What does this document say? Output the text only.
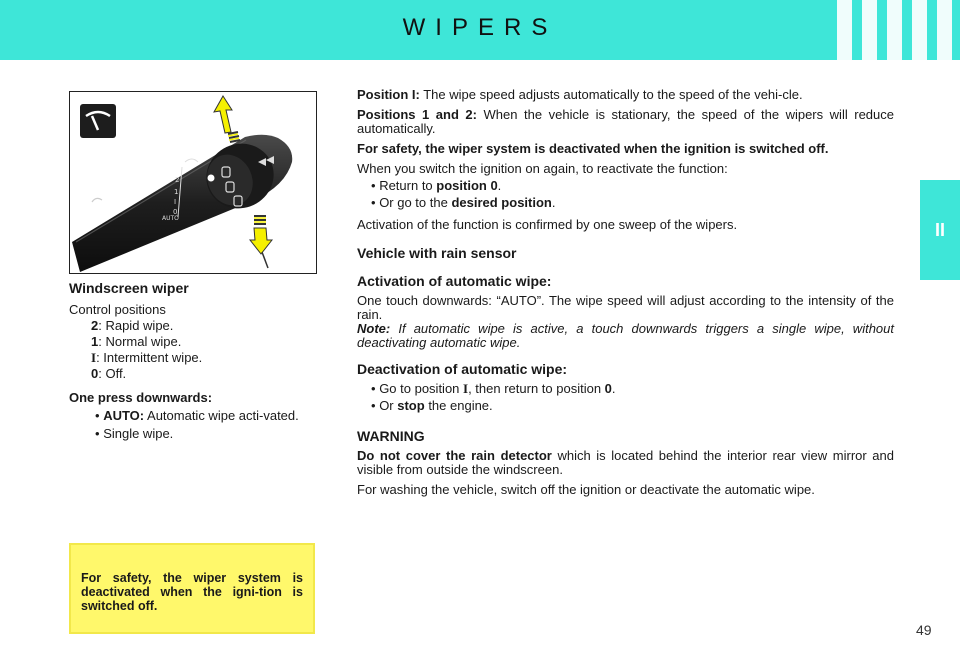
WIPERS
II
2
1
I
0
AUTO
Windscreen wiper
Control positions
2: Rapid wipe.
1: Normal wipe.
I: Intermittent wipe.
0: Off.
One press downwards:
• AUTO: Automatic wipe acti-vated.
• Single wipe.
For safety, the wiper system is deactivated when the igni-tion is switched off.

Position I: The wipe speed adjusts automatically to the speed of the vehi-cle.

Positions 1 and 2: When the vehicle is stationary, the speed of the wipers will reduce automatically.

For safety, the wiper system is deactivated when the ignition is switched off.

When you switch the ignition on again, to reactivate the function:

• Return to position 0.
• Or go to the desired position.

Activation of the function is confirmed by one sweep of the wipers.

Vehicle with rain sensor
Activation of automatic wipe:

One touch downwards: “AUTO”. The wipe speed will adjust according to the intensity of the rain.

Note: If automatic wipe is active, a touch downwards triggers a single wipe, without deactivating automatic wipe.

Deactivation of automatic wipe:
• Go to position I, then return to position 0.
• Or stop the engine.
WARNING

Do not cover the rain detector which is located behind the interior rear view mirror and visible from outside the windscreen.

For washing the vehicle, switch off the ignition or deactivate the automatic wipe.

49
